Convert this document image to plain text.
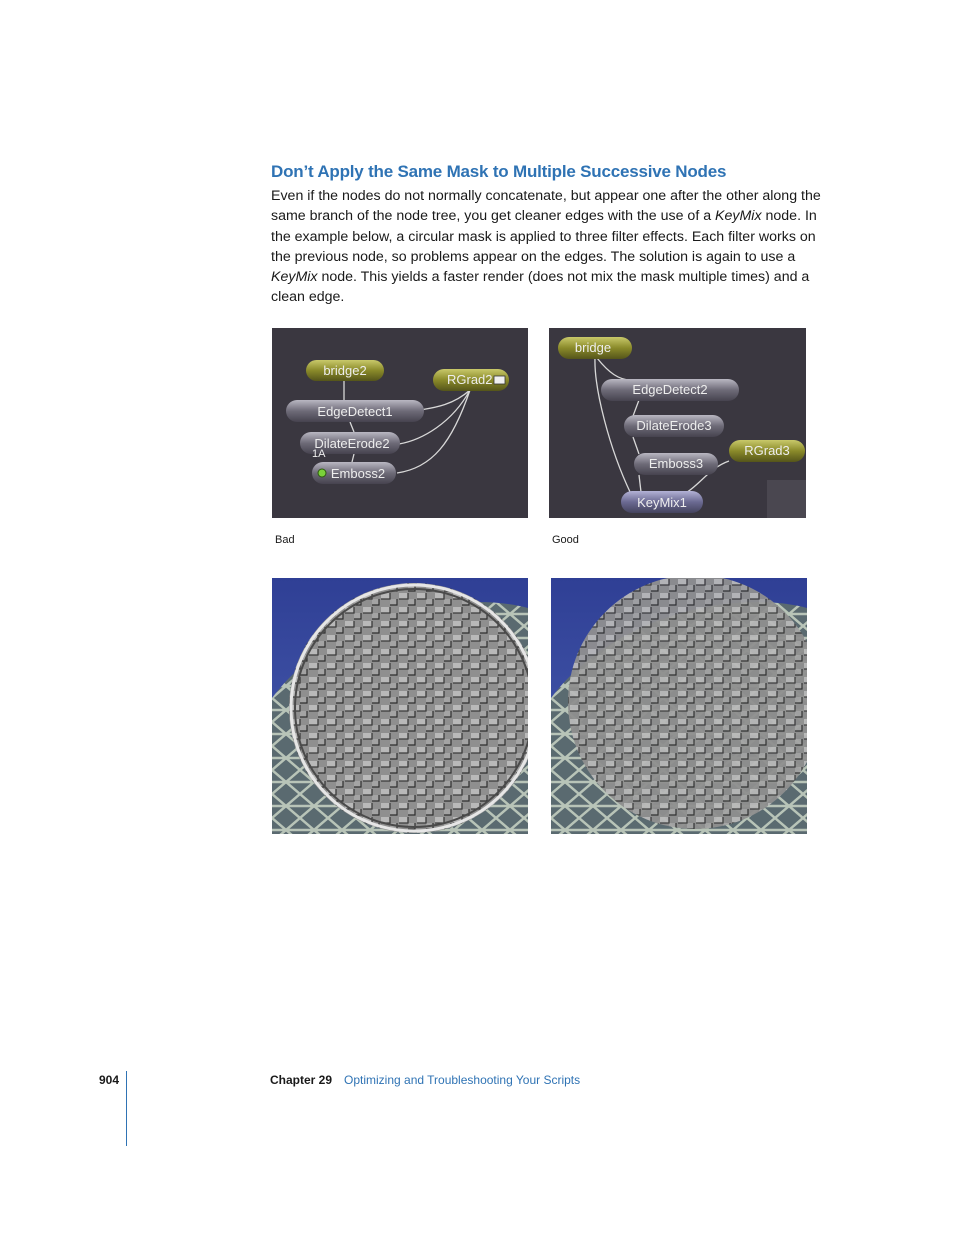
Don’t Apply the Same Mask to Multiple Successive Nodes
Even if the nodes do not normally concatenate, but appear one after the other along the same branch of the node tree, you get cleaner edges with the use of a KeyMix node. In the example below, a circular mask is applied to three filter effects. Each filter works on the previous node, so problems appear on the edges. The solution is again to use a KeyMix node. This yields a faster render (does not mix the mask multiple times) and a clean edge.
bridge2
RGrad2
EdgeDetect1
DilateErode2
1A
Emboss2
bridge
EdgeDetect2
DilateErode3
Emboss3
RGrad3
KeyMix1
Bad	Good
904	Chapter 29 Optimizing and Troubleshooting Your Scripts
